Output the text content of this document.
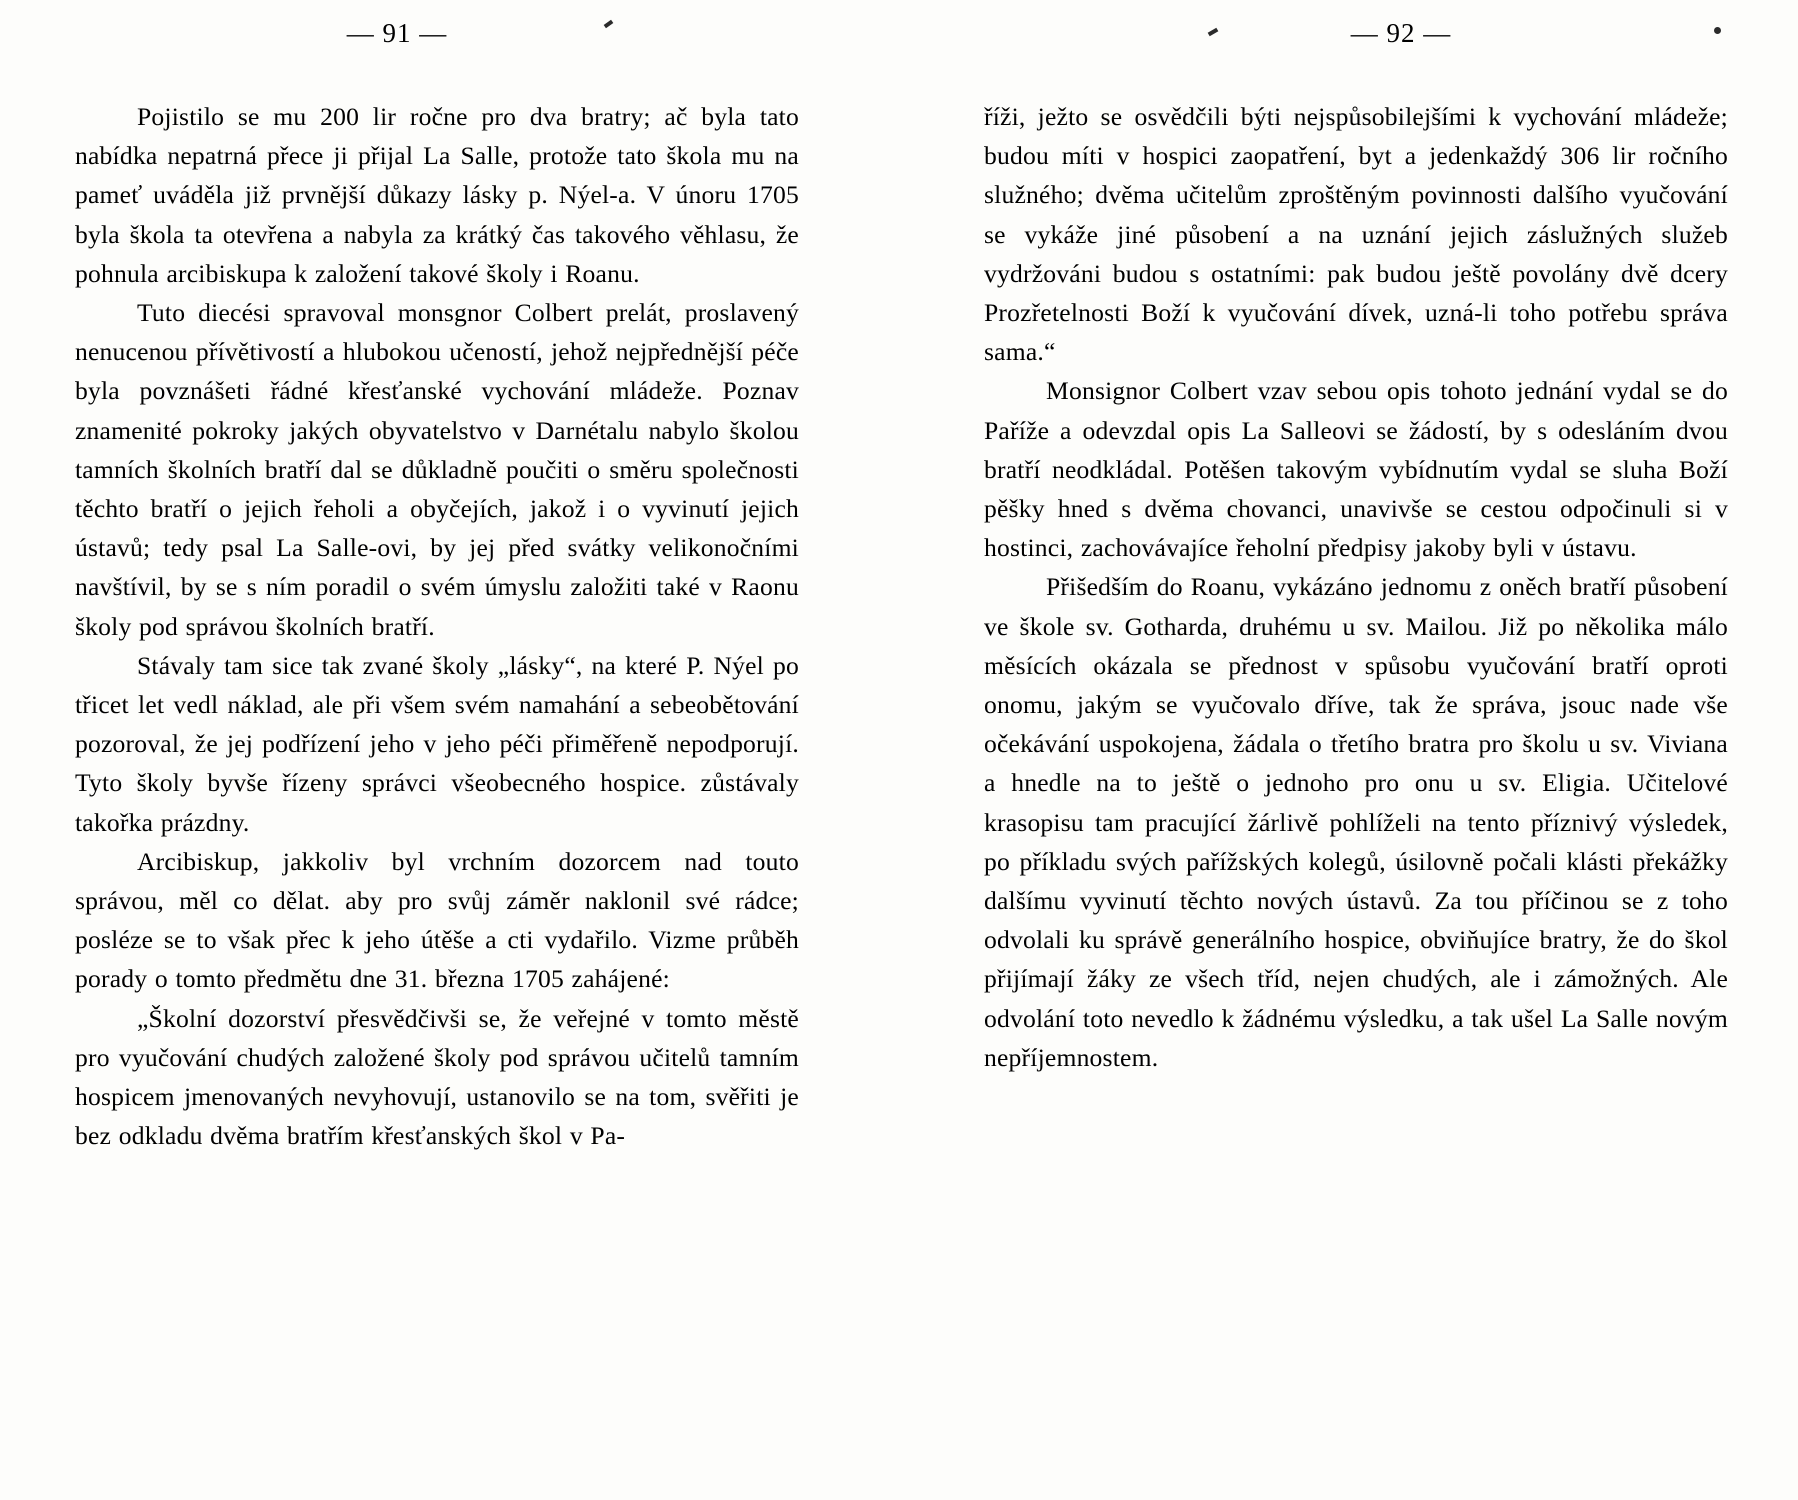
— 91 —

Pojistilo se mu 200 lir ročne pro dva bratry; ač byla tato nabídka nepatrná přece ji přijal La Salle, protože tato škola mu na pameť uváděla již prvnější důkazy lásky p. Nýel-a. V únoru 1705 byla škola ta otevřena a nabyla za krátký čas takového věhlasu, že pohnula arcibiskupa k založení takové školy i Roanu.

Tuto diecési spravoval monsgnor Colbert prelát, proslavený nenucenou přívětivostí a hlubokou učeností, jehož nejpřednější péče byla povznášeti řádné křesťanské vychování mládeže. Poznav znamenité pokroky jakých obyvatelstvo v Darnétalu nabylo školou tamních školních bratří dal se důkladně poučiti o směru společnosti těchto bratří o jejich řeholi a obyčejích, jakož i o vyvinutí jejich ústavů; tedy psal La Salle-ovi, by jej před svátky velikonočními navštívil, by se s ním poradil o svém úmyslu založiti také v Raonu školy pod správou školních bratří.

Stávaly tam sice tak zvané školy „lásky“, na které P. Nýel po třicet let vedl náklad, ale při všem svém namahání a sebeobětování pozoroval, že jej podřízení jeho v jeho péči přiměřeně nepodporují. Tyto školy byvše řízeny správci všeobecného hospice. zůstávaly takořka prázdny.

Arcibiskup, jakkoliv byl vrchním dozorcem nad touto správou, měl co dělat. aby pro svůj záměr naklonil své rádce; posléze se to však přec k jeho útěše a cti vydařilo. Vizme průběh porady o tomto předmětu dne 31. března 1705 zahájené:

„Školní dozorství přesvědčivši se, že veřejné v tomto městě pro vyučování chudých založené školy pod správou učitelů tamním hospicem jmenovaných nevyhovují, ustanovilo se na tom, svěřiti je bez odkladu dvěma bratřím křesťanských škol v Pa-

— 92 —

říži, ježto se osvědčili býti nejspůsobilejšími k vychování mládeže; budou míti v hospici zaopatření, byt a jedenkaždý 306 lir ročního služného; dvěma učitelům zproštěným povinnosti dalšího vyučování se vykáže jiné působení a na uznání jejich záslužných služeb vydržováni budou s ostatními: pak budou ještě povolány dvě dcery Prozřetelnosti Boží k vyučování dívek, uzná-li toho potřebu správa sama.“

Monsignor Colbert vzav sebou opis tohoto jednání vydal se do Paříže a odevzdal opis La Salleovi se žádostí, by s odesláním dvou bratří neodkládal. Potěšen takovým vybídnutím vydal se sluha Boží pěšky hned s dvěma chovanci, unavivše se cestou odpočinuli si v hostinci, zachovávajíce řeholní předpisy jakoby byli v ústavu.

Přišedším do Roanu, vykázáno jednomu z oněch bratří působení ve škole sv. Gotharda, druhému u sv. Mailou. Již po několika málo měsících okázala se přednost v spůsobu vyučování bratří oproti onomu, jakým se vyučovalo dříve, tak že správa, jsouc nade vše očekávání uspokojena, žádala o třetího bratra pro školu u sv. Viviana a hnedle na to ještě o jednoho pro onu u sv. Eligia. Učitelové krasopisu tam pracující žárlivě pohlíželi na tento příznivý výsledek, po příkladu svých pařížských kolegů, úsilovně počali klásti překážky dalšímu vyvinutí těchto nových ústavů. Za tou příčinou se z toho odvolali ku správě generálního hospice, obviňujíce bratry, že do škol přijímají žáky ze všech tříd, nejen chudých, ale i zámožných. Ale odvolání toto nevedlo k žádnému výsledku, a tak ušel La Salle novým nepříjemnostem.
